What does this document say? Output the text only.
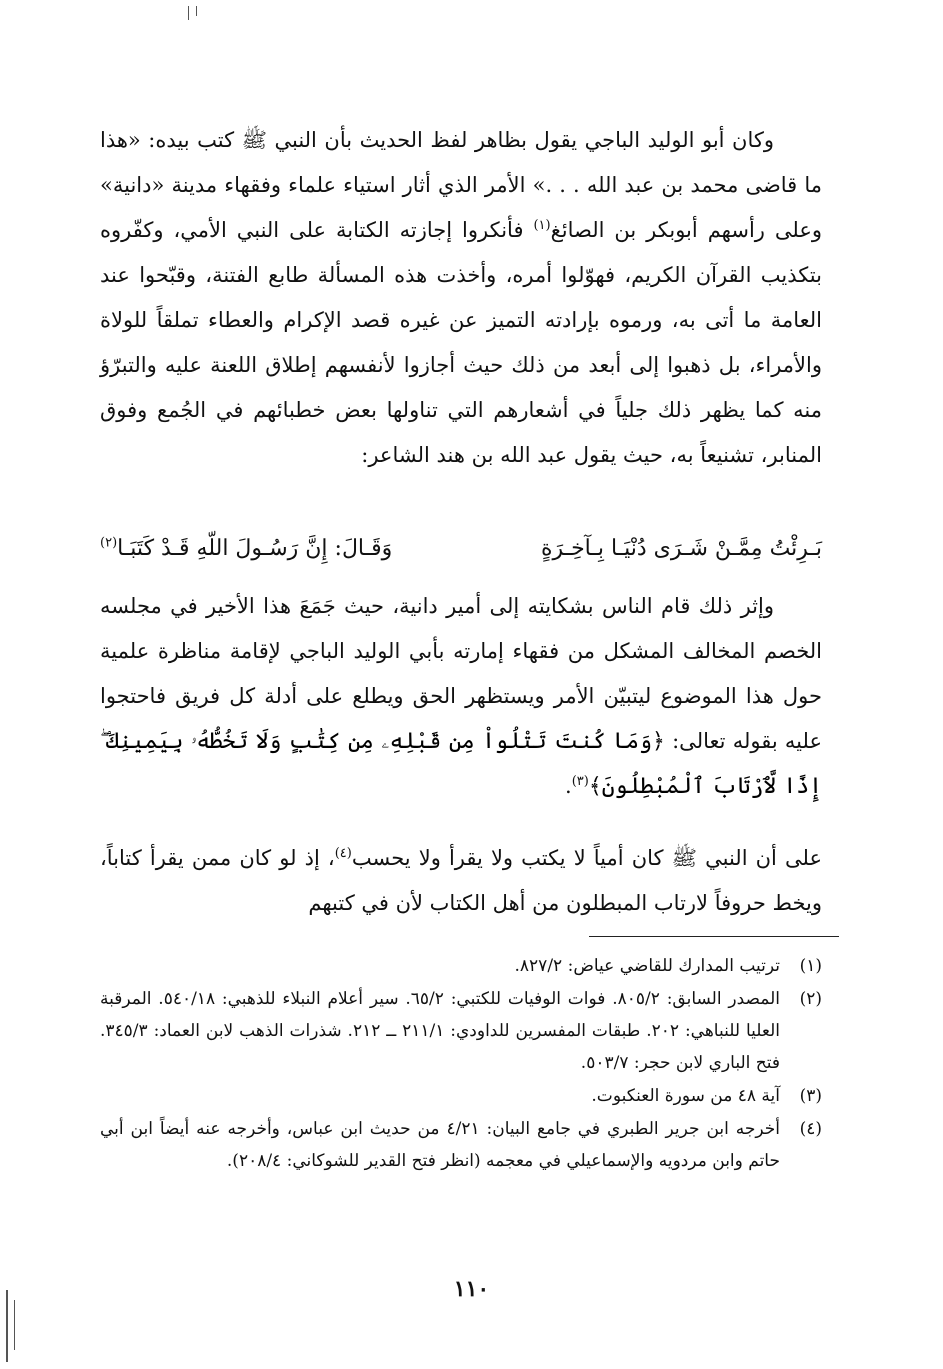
وكان أبو الوليد الباجي يقول بظاهر لفظ الحديث بأن النبي ﷺ كتب بيده: «هذا ما قاضى محمد بن عبد الله . . .» الأمر الذي أثار استياء علماء وفقهاء مدينة «دانية» وعلى رأسهم أبوبكر بن الصائغ$^{(١)}$ فأنكروا إجازته الكتابة على النبي الأمي، وكفّروه بتكذيب القرآن الكريم، فهوّلوا أمره، وأخذت هذه المسألة طابع الفتنة، وقبّحوا عند العامة ما أتى به، ورموه بإرادته التميز عن غيره قصد الإكرام والعطاء تملقاً للولاة والأمراء، بل ذهبوا إلى أبعد من ذلك حيث أجازوا لأنفسهم إطلاق اللعنة عليه والتبرّؤ منه كما يظهر ذلك جلياً في أشعارهم التي تناولها بعض خطبائهم في الجُمع وفوق المنابر، تشنيعاً به، حيث يقول عبد الله بن هند الشاعر:
بَـرِئْتُ مِمَّـنْ شَـرَى دُنْيَـا بِـآخِـرَةٍ
وَقَـالَ: إِنَّ رَسُـولَ اللّهِ قَـدْ كَتَبَـا$^{(٢)}$
وإثر ذلك قام الناس بشكايته إلى أمير دانية، حيث جَمَعَ هذا الأخير في مجلسه الخصم المخالف المشكل من فقهاء إمارته بأبي الوليد الباجي لإقامة مناظرة علمية حول هذا الموضوع ليتبيّن الأمر ويستظهر الحق ويطلع على أدلة كل فريق فاحتجوا عليه بقوله تعالى: ﴿وَمَا كُنتَ تَتْلُواْ مِن قَبْلِهِۦ مِن كِتَٰبٍ وَلَا تَخُطُّهُۥ بِيَمِينِكَ ۖ إِذًا لَّٱرْتَابَ ٱلْمُبْطِلُونَ﴾$^{(٣)}$.
على أن النبي ﷺ كان أمياً لا يكتب ولا يقرأ ولا يحسب$^{(٤)}$، إذ لو كان ممن يقرأ كتاباً، ويخط حروفاً لارتاب المبطلون من أهل الكتاب لأن في كتبهم
(١)
ترتيب المدارك للقاضي عياض: ٨٢٧/٢.
(٢)
المصدر السابق: ٨٠٥/٢. فوات الوفيات للكتبي: ٦٥/٢. سير أعلام النبلاء للذهبي: ٥٤٠/١٨. المرقبة العليا للنباهي: ٢٠٢. طبقات المفسرين للداودي: ٢١١/١ ــ ٢١٢. شذرات الذهب لابن العماد: ٣٤٥/٣. فتح الباري لابن حجر: ٥٠٣/٧.
(٣)
آية ٤٨ من سورة العنكبوت.
(٤)
أخرجه ابن جرير الطبري في جامع البيان: ٤/٢١ من حديث ابن عباس، وأخرجه عنه أيضاً ابن أبي حاتم وابن مردويه والإسماعيلي في معجمه (انظر فتح القدير للشوكاني: ٢٠٨/٤).
١١٠
